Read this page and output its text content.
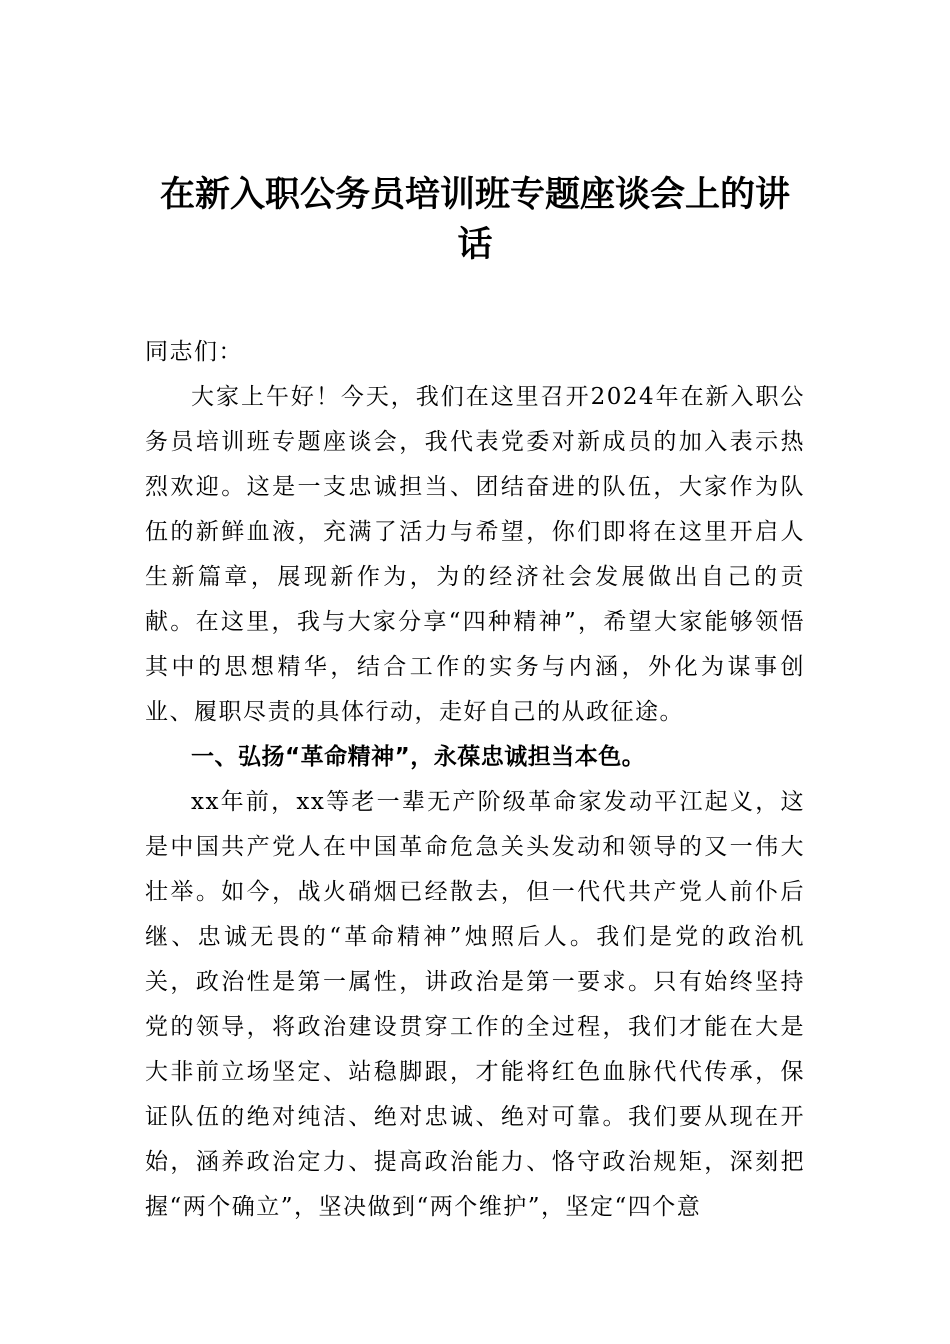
在新入职公务员培训班专题座谈会上的讲话

同志们：

大家上午好！今天，我们在这里召开2024年在新入职公务员培训班专题座谈会，我代表党委对新成员的加入表示热烈欢迎。这是一支忠诚担当、团结奋进的队伍，大家作为队伍的新鲜血液，充满了活力与希望，你们即将在这里开启人生新篇章，展现新作为，为的经济社会发展做出自己的贡献。在这里，我与大家分享“四种精神”，希望大家能够领悟其中的思想精华，结合工作的实务与内涵，外化为谋事创业、履职尽责的具体行动，走好自己的从政征途。

一、弘扬“革命精神”，永葆忠诚担当本色。

xx年前，xx等老一辈无产阶级革命家发动平江起义，这是中国共产党人在中国革命危急关头发动和领导的又一伟大壮举。如今，战火硝烟已经散去，但一代代共产党人前仆后继、忠诚无畏的“革命精神”烛照后人。我们是党的政治机关，政治性是第一属性，讲政治是第一要求。只有始终坚持党的领导，将政治建设贯穿工作的全过程，我们才能在大是大非前立场坚定、站稳脚跟，才能将红色血脉代代传承，保证队伍的绝对纯洁、绝对忠诚、绝对可靠。我们要从现在开始，涵养政治定力、提高政治能力、恪守政治规矩，深刻把握“两个确立”，坚决做到“两个维护”，坚定“四个意
